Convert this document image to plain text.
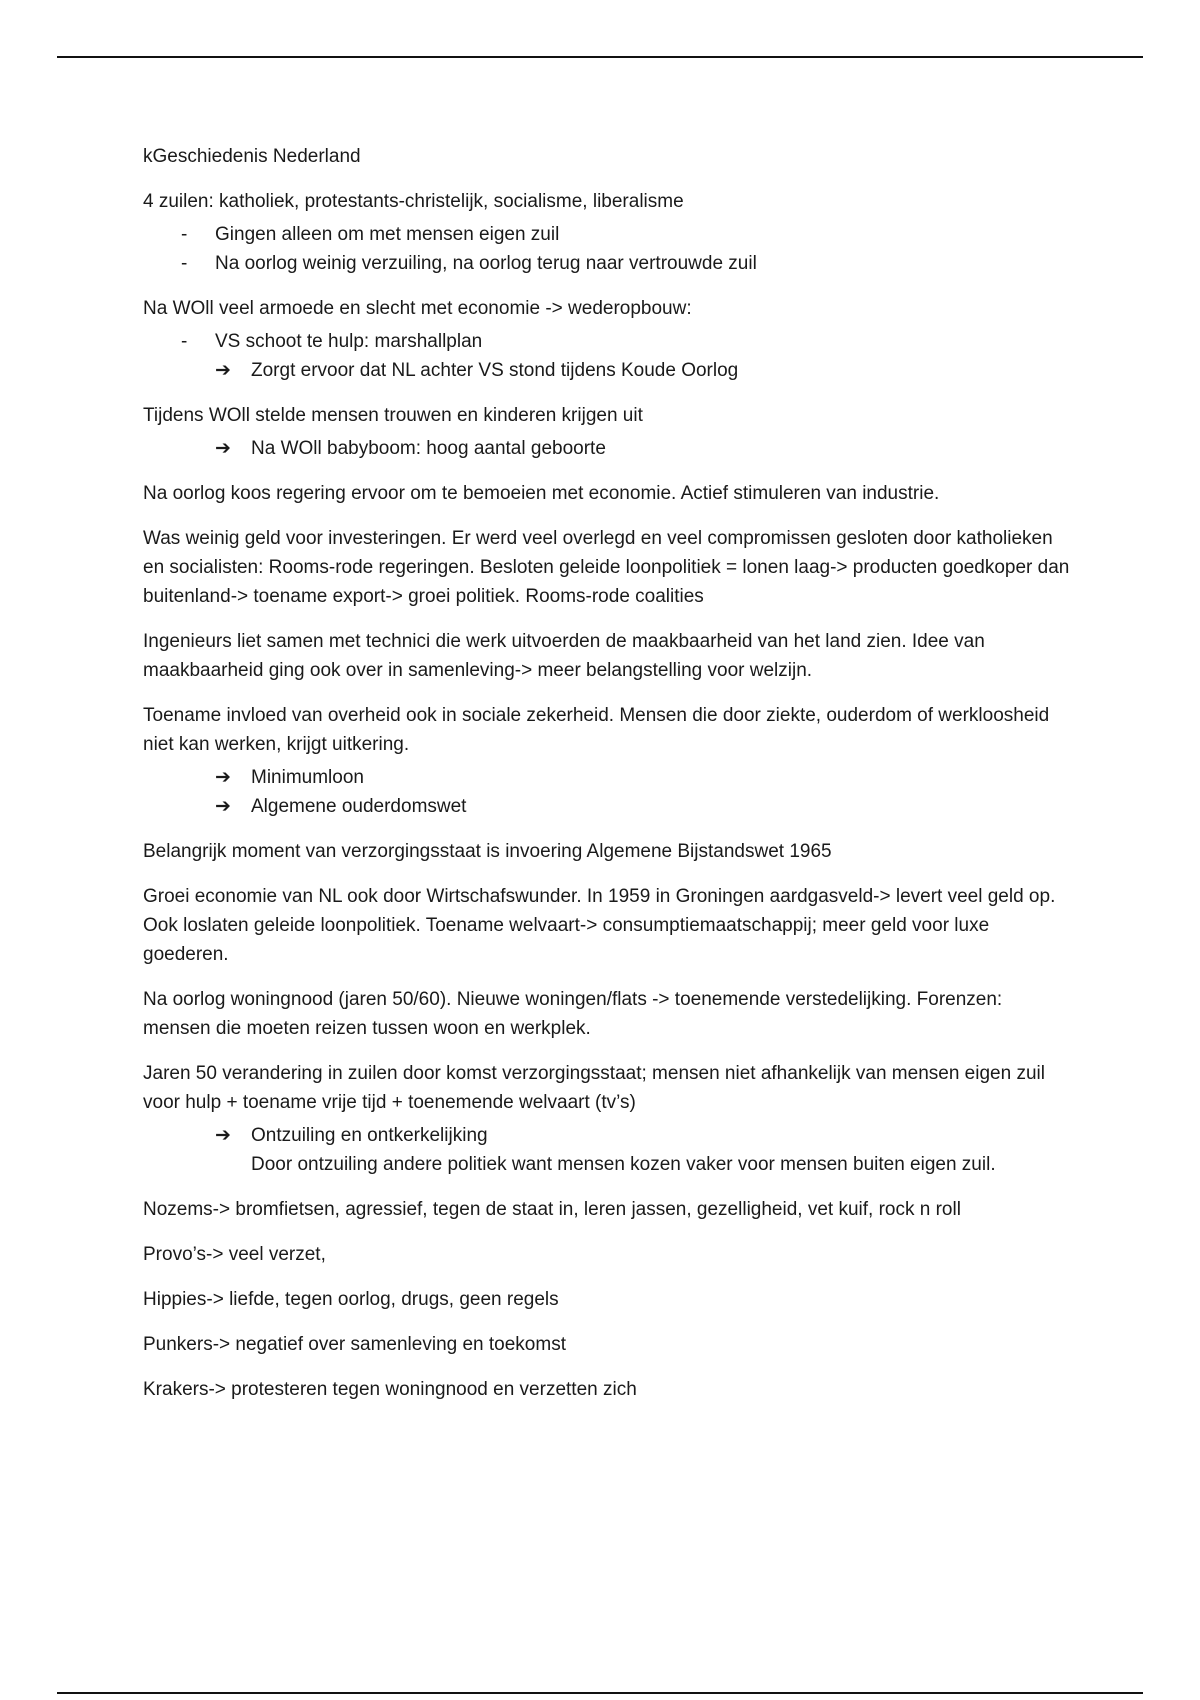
kGeschiedenis Nederland

4 zuilen: katholiek, protestants-christelijk, socialisme, liberalisme

- Gingen alleen om met mensen eigen zuil
- Na oorlog weinig verzuiling, na oorlog terug naar vertrouwde zuil

Na WOll veel armoede en slecht met economie -> wederopbouw:

- VS schoot te hulp: marshallplan
➔ Zorgt ervoor dat NL achter VS stond tijdens Koude Oorlog

Tijdens WOll stelde mensen trouwen en kinderen krijgen uit

➔ Na WOll babyboom: hoog aantal geboorte

Na oorlog koos regering ervoor om te bemoeien met economie. Actief stimuleren van industrie.

Was weinig geld voor investeringen. Er werd veel overlegd en veel compromissen gesloten door katholieken en socialisten: Rooms-rode regeringen. Besloten geleide loonpolitiek = lonen laag-> producten goedkoper dan buitenland-> toename export-> groei politiek. Rooms-rode coalities

Ingenieurs liet samen met technici die werk uitvoerden de maakbaarheid van het land zien. Idee van maakbaarheid ging ook over in samenleving-> meer belangstelling voor welzijn.

Toename invloed van overheid ook in sociale zekerheid. Mensen die door ziekte, ouderdom of werkloosheid niet kan werken, krijgt uitkering.

➔ Minimumloon
➔ Algemene ouderdomswet

Belangrijk moment van verzorgingsstaat is invoering Algemene Bijstandswet 1965

Groei economie van NL ook door Wirtschafswunder. In 1959 in Groningen aardgasveld-> levert veel geld op. Ook loslaten geleide loonpolitiek. Toename welvaart-> consumptiemaatschappij; meer geld voor luxe goederen.

Na oorlog woningnood (jaren 50/60). Nieuwe woningen/flats -> toenemende verstedelijking. Forenzen: mensen die moeten reizen tussen woon en werkplek.

Jaren 50 verandering in zuilen door komst verzorgingsstaat; mensen niet afhankelijk van mensen eigen zuil voor hulp + toename vrije tijd + toenemende welvaart (tv’s)

➔ Ontzuiling en ontkerkelijking
Door ontzuiling andere politiek want mensen kozen vaker voor mensen buiten eigen zuil.

Nozems-> bromfietsen, agressief, tegen de staat in, leren jassen, gezelligheid, vet kuif, rock n roll

Provo’s-> veel verzet,

Hippies-> liefde, tegen oorlog, drugs, geen regels

Punkers-> negatief over samenleving en toekomst

Krakers-> protesteren tegen woningnood en verzetten zich
